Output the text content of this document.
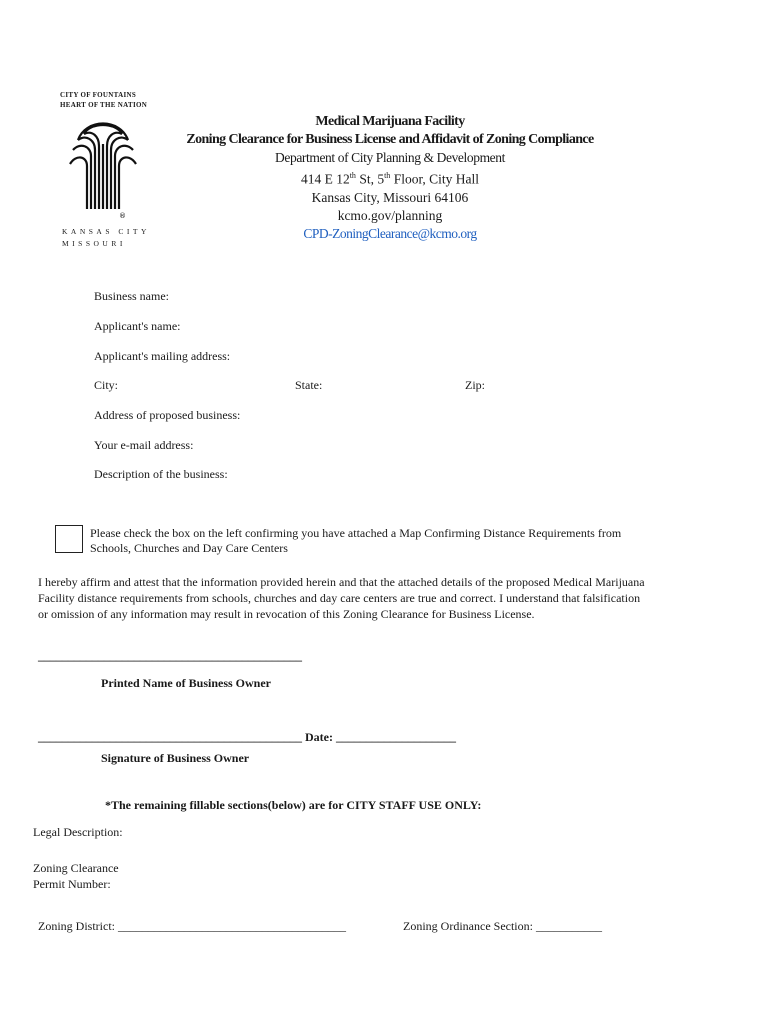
CITY OF FOUNTAINS
HEART OF THE NATION
®
KANSAS CITY
MISSOURI
Medical Marijuana Facility
Zoning Clearance for Business License and Affidavit of Zoning Compliance
Department of City Planning & Development
414 E 12th St, 5th Floor, City Hall
Kansas City, Missouri 64106
kcmo.gov/planning
CPD-ZoningClearance@kcmo.org
Business name:
Applicant's name:
Applicant's mailing address:
City:	State:	Zip:
Address of proposed business:
Your e-mail address:
Description of the business:
Please check the box on the left confirming you have attached a Map Confirming Distance Requirements from
Schools, Churches and Day Care Centers
I hereby affirm and attest that the information provided herein and that the attached details of the proposed Medical Marijuana
Facility distance requirements from schools, churches and day care centers are true and correct. I understand that falsification
or omission of any information may result in revocation of this Zoning Clearance for Business License.
____________________________________________
Printed Name of Business Owner
____________________________________________ Date: ____________________
Signature of Business Owner
*The remaining fillable sections(below) are for CITY STAFF USE ONLY:
Legal Description:
Zoning Clearance
Permit Number:
Zoning District: ______________________________________	Zoning Ordinance Section: ___________
